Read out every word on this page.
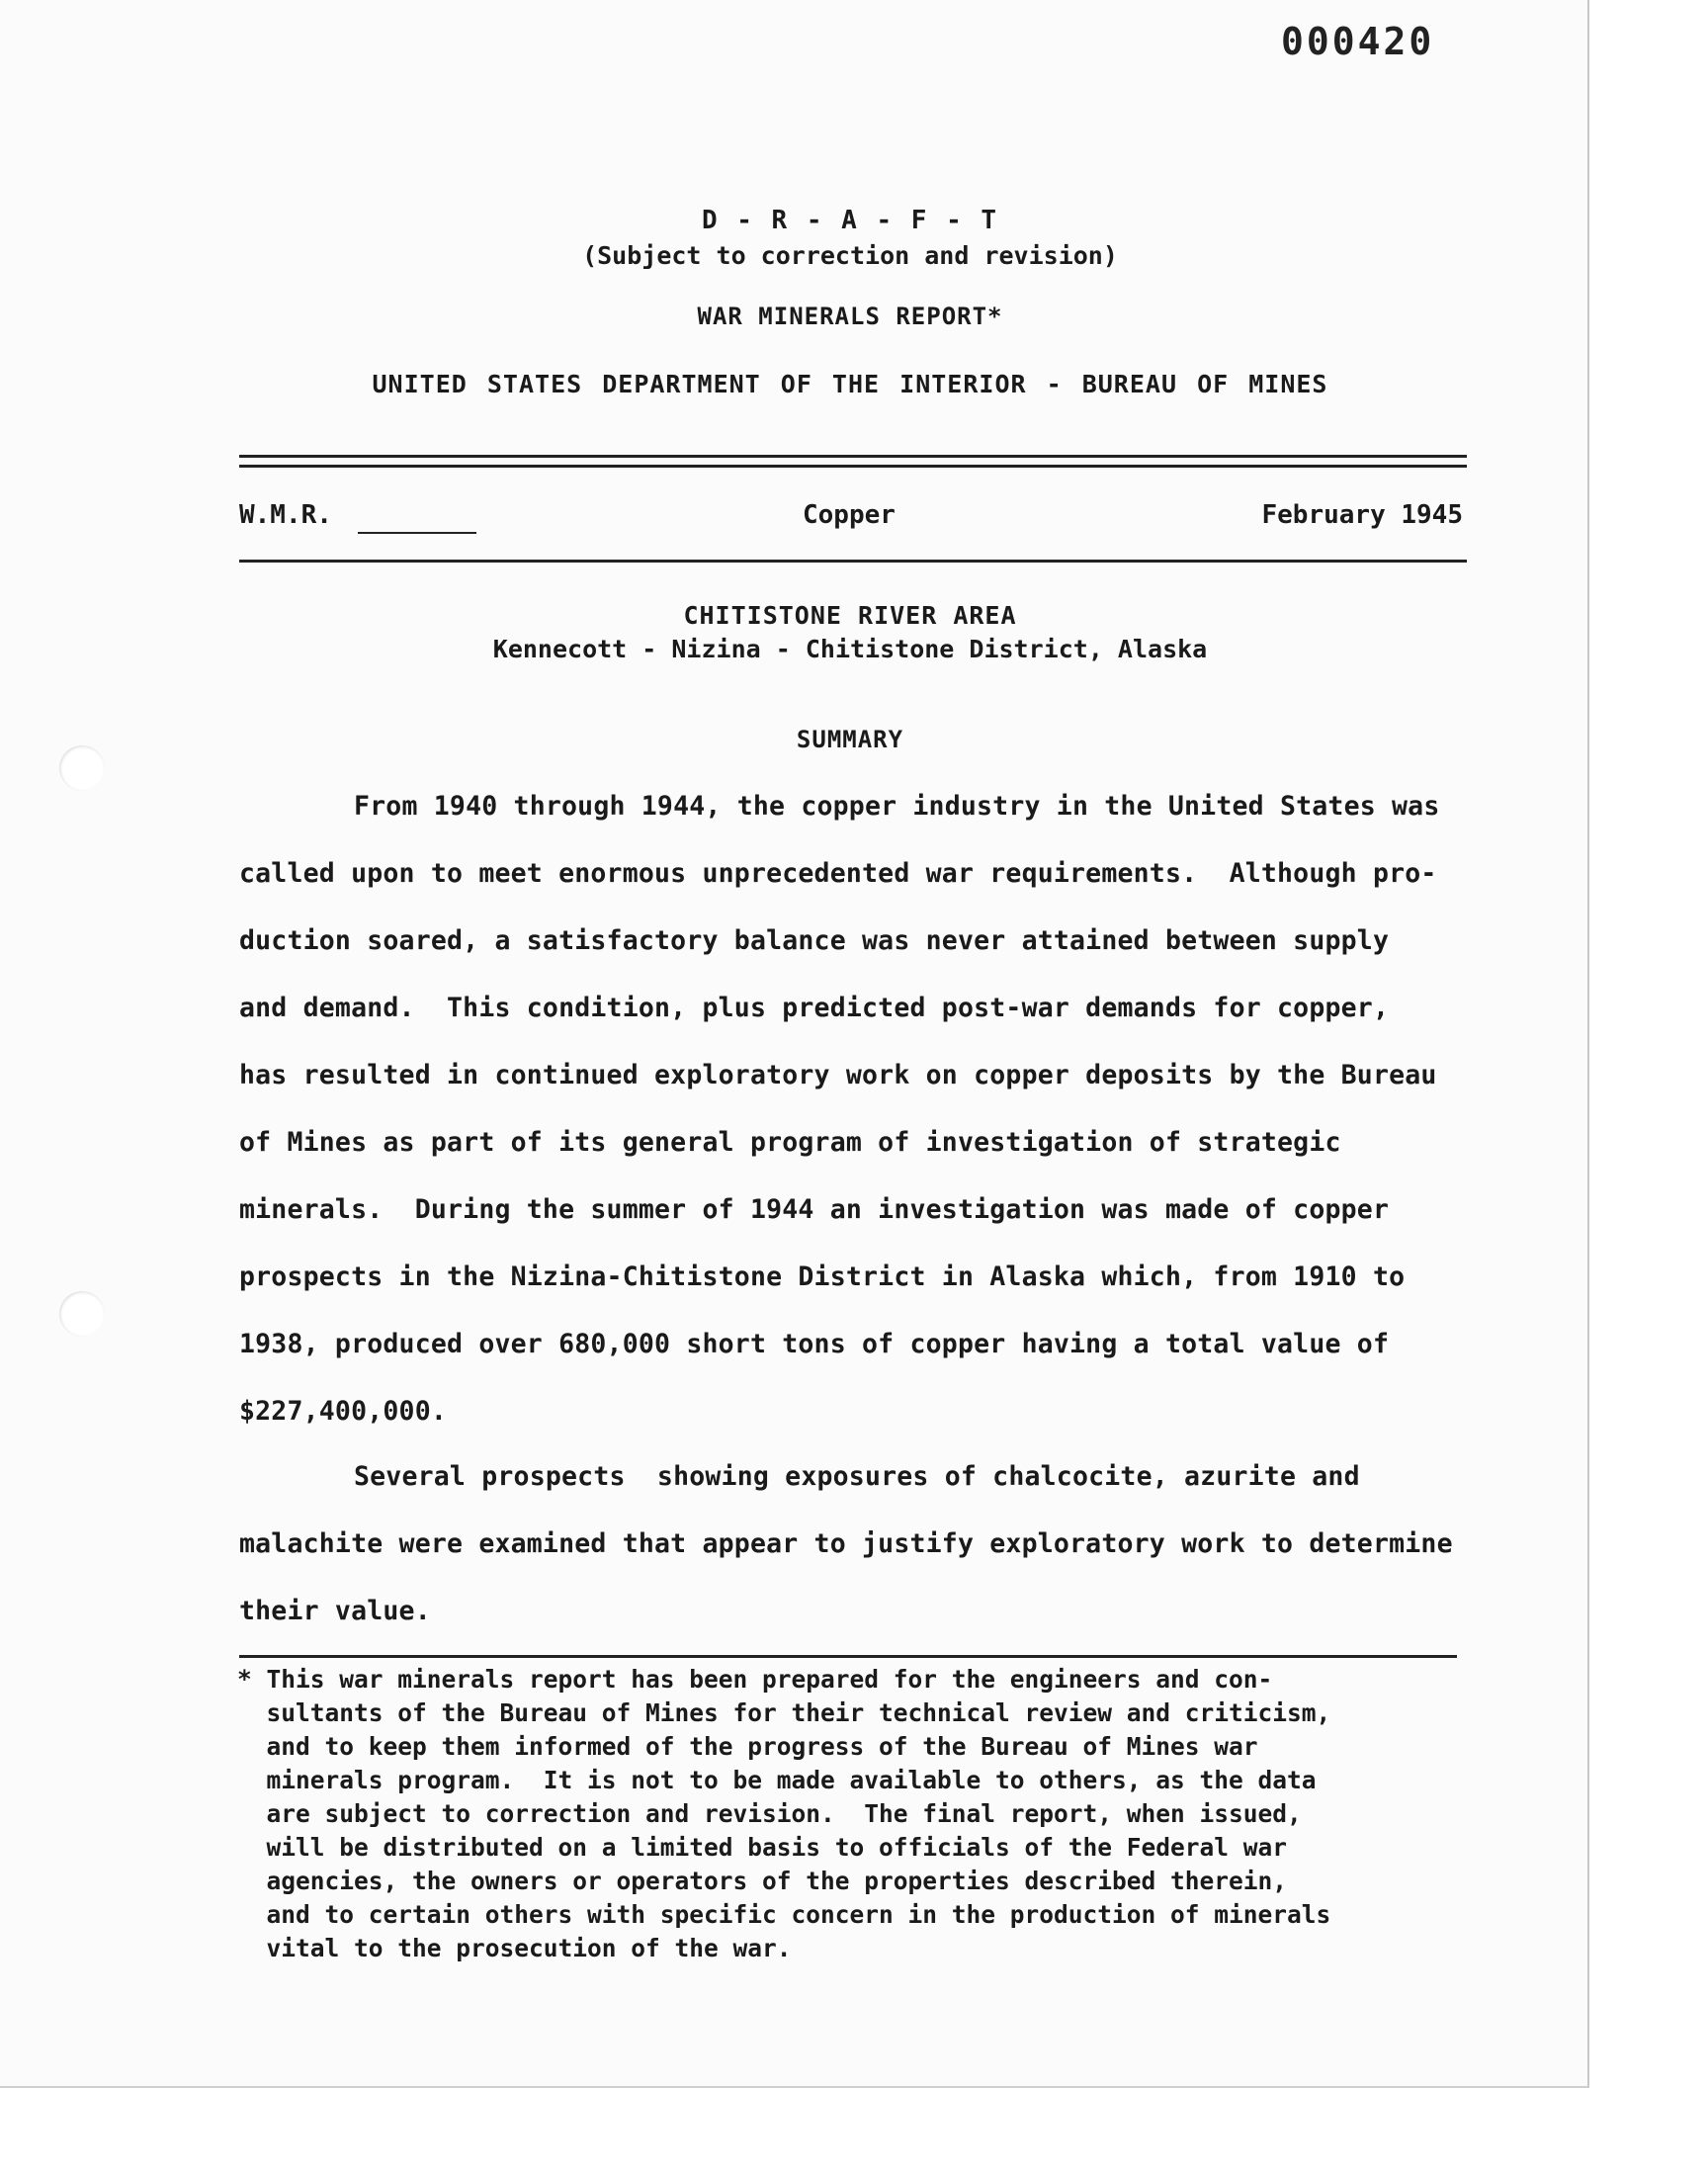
000420
D - R - A - F - T
(Subject to correction and revision)
WAR MINERALS REPORT*
UNITED STATES DEPARTMENT OF THE INTERIOR - BUREAU OF MINES
W.M.R.	Copper	February 1945
CHITISTONE RIVER AREA
Kennecott - Nizina - Chitistone District, Alaska
SUMMARY
From 1940 through 1944, the copper industry in the United States was
called upon to meet enormous unprecedented war requirements.  Although pro-
duction soared, a satisfactory balance was never attained between supply
and demand.  This condition, plus predicted post-war demands for copper,
has resulted in continued exploratory work on copper deposits by the Bureau
of Mines as part of its general program of investigation of strategic
minerals.  During the summer of 1944 an investigation was made of copper
prospects in the Nizina-Chitistone District in Alaska which, from 1910 to
1938, produced over 680,000 short tons of copper having a total value of
$227,400,000.
Several prospects  showing exposures of chalcocite, azurite and
malachite were examined that appear to justify exploratory work to determine
their value.
* This war minerals report has been prepared for the engineers and con-
sultants of the Bureau of Mines for their technical review and criticism,
and to keep them informed of the progress of the Bureau of Mines war
minerals program.  It is not to be made available to others, as the data
are subject to correction and revision.  The final report, when issued,
will be distributed on a limited basis to officials of the Federal war
agencies, the owners or operators of the properties described therein,
and to certain others with specific concern in the production of minerals
vital to the prosecution of the war.
